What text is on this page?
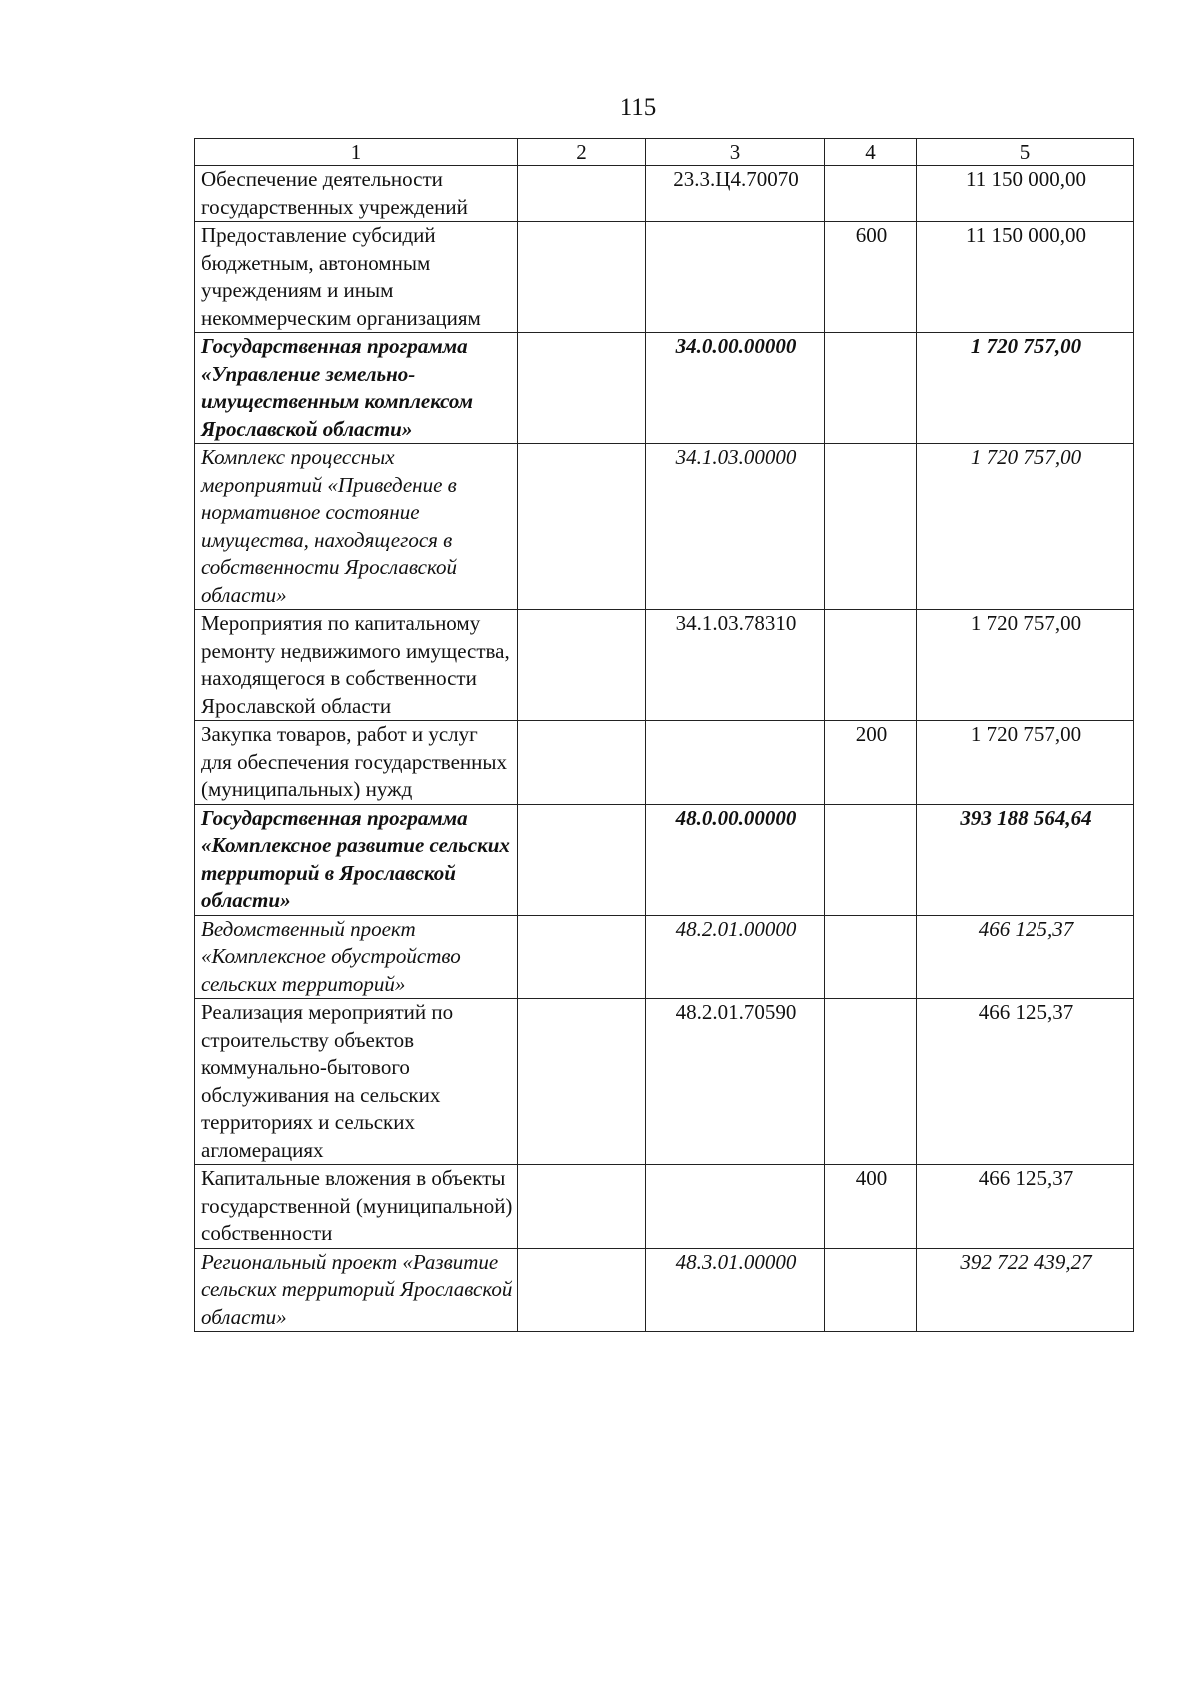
115
1	2	3	4	5
Обеспечение деятельности государственных учреждений		23.3.Ц4.70070		11 150 000,00
Предоставление субсидий бюджетным, автономным учреждениям и иным некоммерческим организациям			600	11 150 000,00
Государственная программа «Управление земельно-имущественным комплексом Ярославской области»		34.0.00.00000		1 720 757,00
Комплекс процессных мероприятий «Приведение в нормативное состояние имущества, находящегося в собственности Ярославской области»		34.1.03.00000		1 720 757,00
Мероприятия по капитальному ремонту недвижимого имущества, находящегося в собственности Ярославской области		34.1.03.78310		1 720 757,00
Закупка товаров, работ и услуг для обеспечения государственных (муниципальных) нужд			200	1 720 757,00
Государственная программа «Комплексное развитие сельских территорий в Ярославской области»		48.0.00.00000		393 188 564,64
Ведомственный проект «Комплексное обустройство сельских территорий»		48.2.01.00000		466 125,37
Реализация мероприятий по строительству объектов коммунально-бытового обслуживания на сельских территориях и сельских агломерациях		48.2.01.70590		466 125,37
Капитальные вложения в объекты государственной (муниципальной) собственности			400	466 125,37
Региональный проект «Развитие сельских территорий Ярославской области»		48.3.01.00000		392 722 439,27
